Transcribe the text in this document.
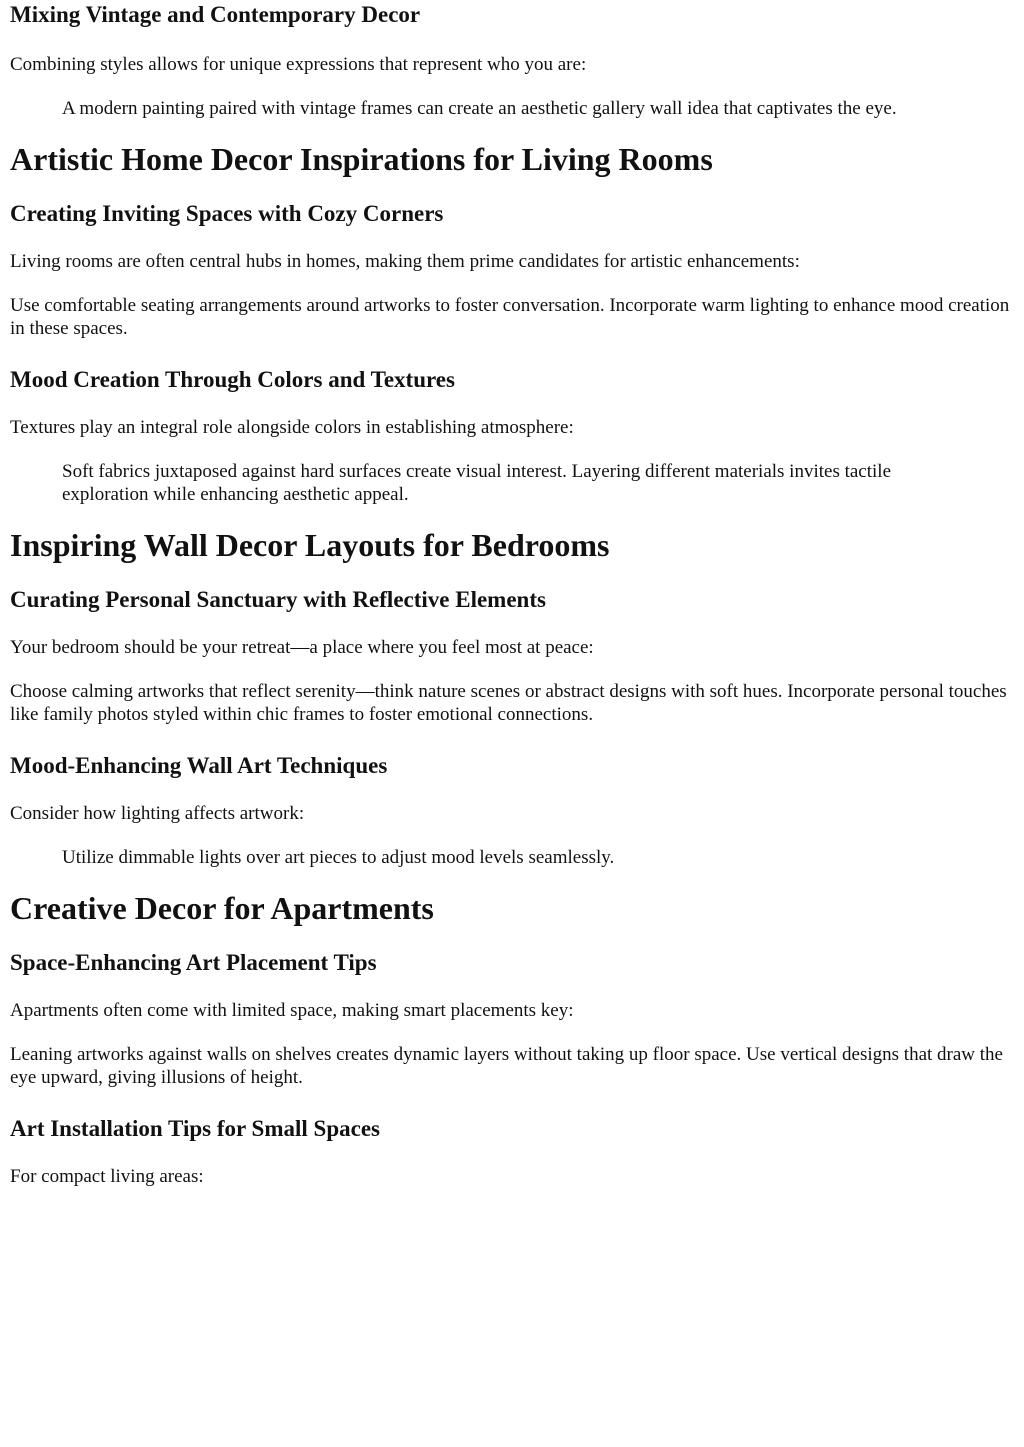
Mixing Vintage and Contemporary Decor

Combining styles allows for unique expressions that represent who you are:

A modern painting paired with vintage frames can create an aesthetic gallery wall idea that captivates the eye.
Artistic Home Decor Inspirations for Living Rooms
Creating Inviting Spaces with Cozy Corners

Living rooms are often central hubs in homes, making them prime candidates for artistic enhancements:

Use comfortable seating arrangements around artworks to foster conversation. Incorporate warm lighting to enhance mood creation in these spaces.

Mood Creation Through Colors and Textures

Textures play an integral role alongside colors in establishing atmosphere:

Soft fabrics juxtaposed against hard surfaces create visual interest. Layering different materials invites tactile exploration while enhancing aesthetic appeal.
Inspiring Wall Decor Layouts for Bedrooms
Curating Personal Sanctuary with Reflective Elements

Your bedroom should be your retreat—a place where you feel most at peace:

Choose calming artworks that reflect serenity—think nature scenes or abstract designs with soft hues. Incorporate personal touches like family photos styled within chic frames to foster emotional connections.

Mood-Enhancing Wall Art Techniques

Consider how lighting affects artwork:

Utilize dimmable lights over art pieces to adjust mood levels seamlessly.
Creative Decor for Apartments
Space-Enhancing Art Placement Tips

Apartments often come with limited space, making smart placements key:

Leaning artworks against walls on shelves creates dynamic layers without taking up floor space. Use vertical designs that draw the eye upward, giving illusions of height.

Art Installation Tips for Small Spaces

For compact living areas:
